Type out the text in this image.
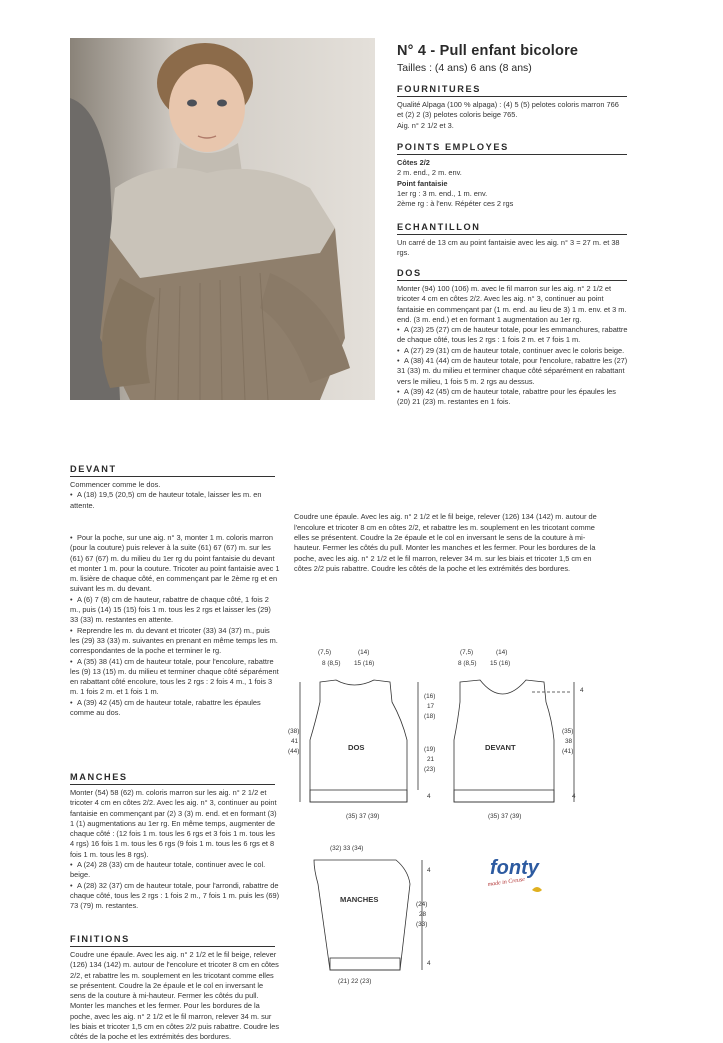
N° 4 - Pull enfant bicolore
Tailles : (4 ans) 6 ans (8 ans)
FOURNITURES

Qualité Alpaga (100 % alpaga) : (4) 5 (5) pelotes coloris marron 766 et (2) 2 (3) pelotes coloris beige 765.

Aig. n° 2 1/2 et 3.

POINTS EMPLOYES

Côtes 2/2

2 m. end., 2 m. env.

Point fantaisie

1er rg : 3 m. end., 1 m. env.

2ème rg : à l'env. Répéter ces 2 rgs

ECHANTILLON
Un carré de 13 cm au point fantaisie avec les aig. n° 3 = 27 m. et 38 rgs.
DOS

Monter (94) 100 (106) m. avec le fil marron sur les aig. n° 2 1/2 et tricoter 4 cm en côtes 2/2. Avec les aig. n° 3, continuer au point fantaisie en commençant par (1 m. end. au lieu de 3) 1 m. env. et 3 m. end. (3 m. end.) et en formant 1 augmentation au 1er rg.

• A (23) 25 (27) cm de hauteur totale, pour les emmanchures, rabattre de chaque côté, tous les 2 rgs : 1 fois 2 m. et 7 fois 1 m.

• A (27) 29 (31) cm de hauteur totale, continuer avec le coloris beige.

• A (38) 41 (44) cm de hauteur totale, pour l'encolure, rabattre les (27) 31 (33) m. du milieu et terminer chaque côté séparément en rabattant vers le milieu, 1 fois 5 m. 2 rgs au dessus.

• A (39) 42 (45) cm de hauteur totale, rabattre pour les épaules les (20) 21 (23) m. restantes en 1 fois.

DEVANT

Commencer comme le dos.

• A (18) 19,5 (20,5) cm de hauteur totale, laisser les m. en attente.

• Pour la poche, sur une aig. n° 3, monter 1 m. coloris marron (pour la couture) puis relever à la suite (61) 67 (67) m. sur les (61) 67 (67) m. du milieu du 1er rg du point fantaisie du devant et monter 1 m. pour la couture. Tricoter au point fantaisie avec 1 m. lisière de chaque côté, en commençant par le 2ème rg et en suivant les m. du devant.

• A (6) 7 (8) cm de hauteur, rabattre de chaque côté, 1 fois 2 m., puis (14) 15 (15) fois 1 m. tous les 2 rgs et laisser les (29) 33 (33) m. restantes en attente.

• Reprendre les m. du devant et tricoter (33) 34 (37) m., puis les (29) 33 (33) m. suivantes en prenant en même temps les m. correspondantes de la poche et terminer le rg.

• A (35) 38 (41) cm de hauteur totale, pour l'encolure, rabattre les (9) 13 (15) m. du milieu et terminer chaque côté séparément en rabattant côté encolure, tous les 2 rgs : 2 fois 4 m., 1 fois 3 m. 1 fois 2 m. et 1 fois 1 m.

• A (39) 42 (45) cm de hauteur totale, rabattre les épaules comme au dos.

MANCHES

Monter (54) 58 (62) m. coloris marron sur les aig. n° 2 1/2 et tricoter 4 cm en côtes 2/2. Avec les aig. n° 3, continuer au point fantaisie en commençant par (2) 3 (3) m. end. et en formant (3) 1 (1) augmentations au 1er rg. En même temps, augmenter de chaque côté : (12 fois 1 m. tous les 6 rgs et 3 fois 1 m. tous les 4 rgs) 16 fois 1 m. tous les 6 rgs (9 fois 1 m. tous les 6 rgs et 8 fois 1 m. tous les 8 rgs).

• A (24) 28 (33) cm de hauteur totale, continuer avec le col. beige.

• A (28) 32 (37) cm de hauteur totale, pour l'arrondi, rabattre de chaque côté, tous les 2 rgs : 1 fois 2 m., 7 fois 1 m. puis les (69) 73 (79) m. restantes.

FINITIONS

Coudre une épaule. Avec les aig. n° 2 1/2 et le fil beige, relever (126) 134 (142) m. autour de l'encolure et tricoter 8 cm en côtes 2/2, et rabattre les m. souplement en les tricotant comme elles se présentent. Coudre la 2e épaule et le col en inversant le sens de la couture à mi-hauteur. Fermer les côtés du pull. Monter les manches et les fermer. Pour les bordures de la poche, avec les aig. n° 2 1/2 et le fil marron, relever 34 m. sur les biais et tricoter 1,5 cm en côtes 2/2 puis rabattre. Coudre les côtés de la poche et les extrémités des bordures.

Coudre une épaule. Avec les aig. n° 2 1/2 et le fil beige, relever (126) 134 (142) m. autour de l'encolure et tricoter 8 cm en côtes 2/2, et rabattre les m. souplement en les tricotant comme elles se présentent. Coudre la 2e épaule et le col en inversant le sens de la couture à mi-hauteur. Fermer les côtés du pull. Monter les manches et les fermer. Pour les bordures de la poche, avec les aig. n° 2 1/2 et le fil marron, relever 34 m. sur les biais et tricoter 1,5 cm en côtes 2/2 puis rabattre. Coudre les côtés de la poche et les extrémités des bordures.

(7,5)	(14)
8 (8,5) 15 (16)
DOS
(38)
41
(44)
(16)
17
(18)
(19)
21
(23)
4
(35) 37 (39)
(7,5)	(14)
8 (8,5) 15 (16)
DEVANT
4
(35)
38
(41)
4
(35) 37 (39)
(32) 33 (34)
MANCHES
4
(24)
28
(33)
4
(21) 22 (23)
fonty
made in Creuse
